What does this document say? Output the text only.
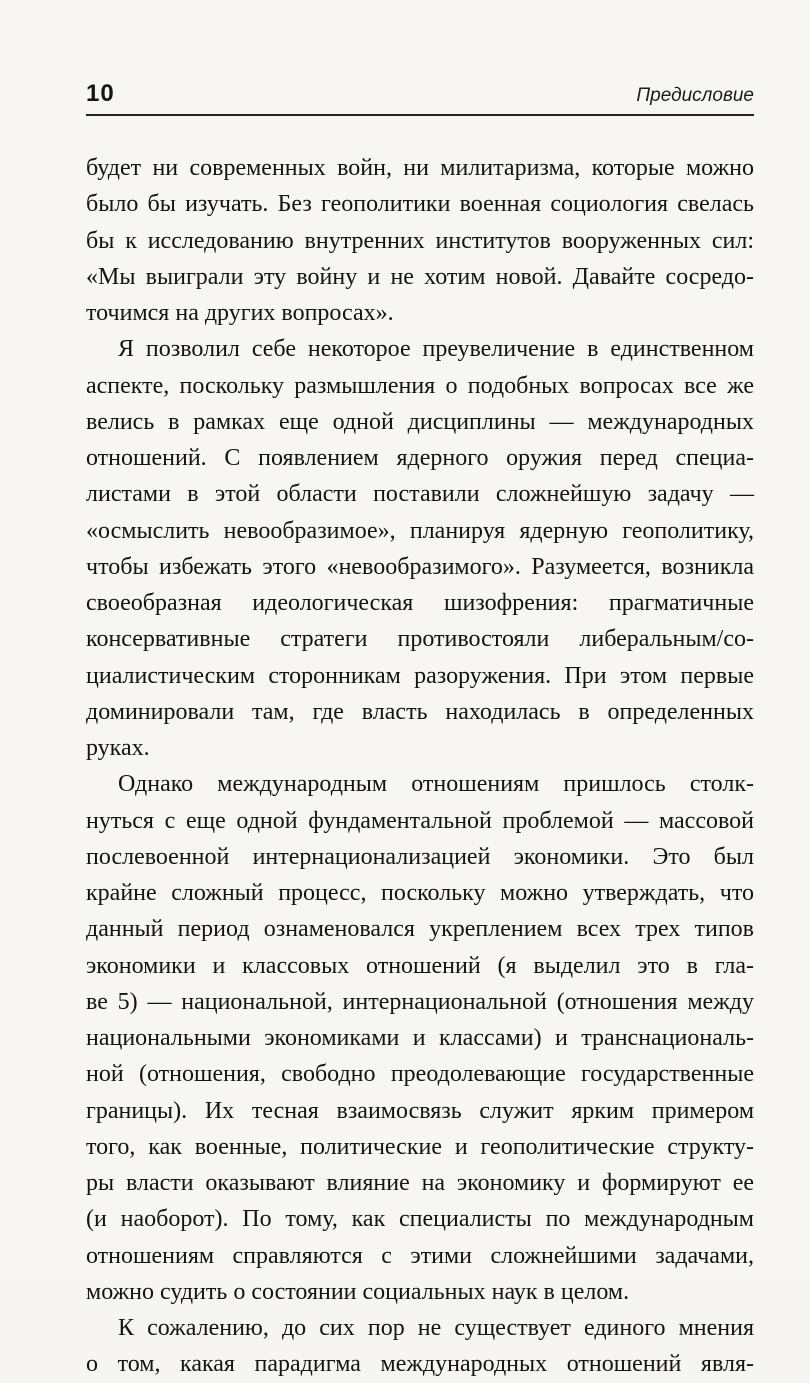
10	Предисловие
будет ни современных войн, ни милитаризма, которые можно
было бы изучать. Без геополитики военная социология свелась
бы к исследованию внутренних институтов вооруженных сил:
«Мы выиграли эту войну и не хотим новой. Давайте сосредо-
точимся на других вопросах».
Я позволил себе некоторое преувеличение в единственном
аспекте, поскольку размышления о подобных вопросах все же
велись в рамках еще одной дисциплины — международных
отношений. С появлением ядерного оружия перед специа-
листами в этой области поставили сложнейшую задачу —
«осмыслить невообразимое», планируя ядерную геополитику,
чтобы избежать этого «невообразимого». Разумеется, возникла
своеобразная идеологическая шизофрения: прагматичные
консервативные стратеги противостояли либеральным/со-
циалистическим сторонникам разоружения. При этом первые
доминировали там, где власть находилась в определенных
руках.
Однако международным отношениям пришлось столк-
нуться с еще одной фундаментальной проблемой — массовой
послевоенной интернационализацией экономики. Это был
крайне сложный процесс, поскольку можно утверждать, что
данный период ознаменовался укреплением всех трех типов
экономики и классовых отношений (я выделил это в гла-
ве 5) — национальной, интернациональной (отношения между
национальными экономиками и классами) и транснациональ-
ной (отношения, свободно преодолевающие государственные
границы). Их тесная взаимосвязь служит ярким примером
того, как военные, политические и геополитические структу-
ры власти оказывают влияние на экономику и формируют ее
(и наоборот). По тому, как специалисты по международным
отношениям справляются с этими сложнейшими задачами,
можно судить о состоянии социальных наук в целом.
К сожалению, до сих пор не существует единого мнения
о том, какая парадигма международных отношений явля-
